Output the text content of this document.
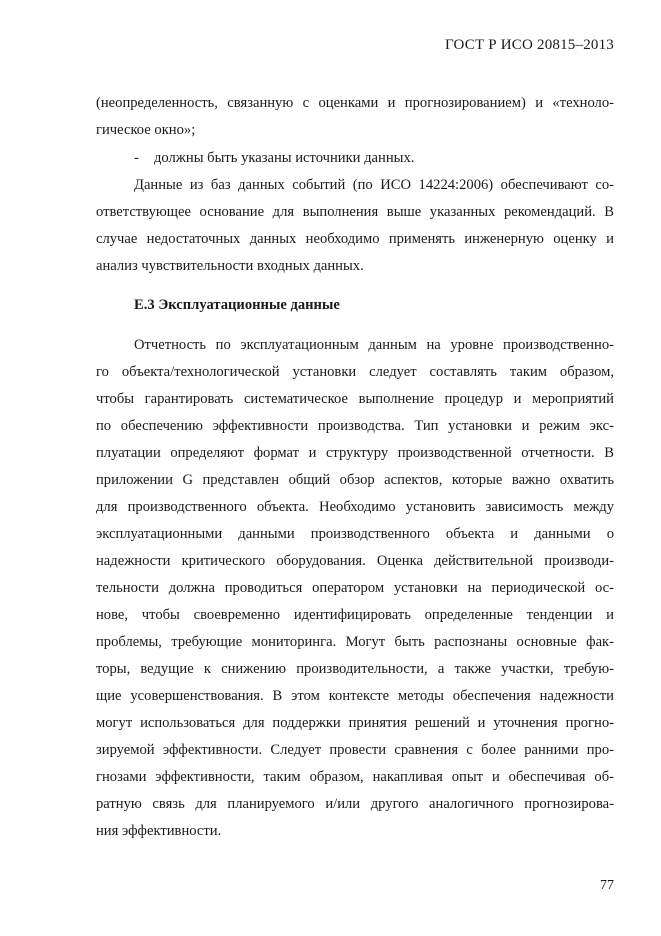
ГОСТ Р ИСО 20815–2013
(неопределенность, связанную с оценками и прогнозированием) и «техноло-
гическое окно»;
- должны быть указаны источники данных.
Данные из баз данных событий (по ИСО 14224:2006) обеспечивают со-
ответствующее основание для выполнения выше указанных рекомендаций. В
случае недостаточных данных необходимо применять инженерную оценку и
анализ чувствительности входных данных.
Е.3 Эксплуатационные данные
Отчетность по эксплуатационным данным на уровне производственно-
го объекта/технологической установки следует составлять таким образом,
чтобы гарантировать систематическое выполнение процедур и мероприятий
по обеспечению эффективности производства. Тип установки и режим экс-
плуатации определяют формат и структуру производственной отчетности. В
приложении G представлен общий обзор аспектов, которые важно охватить
для производственного объекта. Необходимо установить зависимость между
эксплуатационными данными производственного объекта и данными о
надежности критического оборудования. Оценка действительной производи-
тельности должна проводиться оператором установки на периодической ос-
нове, чтобы своевременно идентифицировать определенные тенденции и
проблемы, требующие мониторинга. Могут быть распознаны основные фак-
торы, ведущие к снижению производительности, а также участки, требую-
щие усовершенствования. В этом контексте методы обеспечения надежности
могут использоваться для поддержки принятия решений и уточнения прогно-
зируемой эффективности. Следует провести сравнения с более ранними про-
гнозами эффективности, таким образом, накапливая опыт и обеспечивая об-
ратную связь для планируемого и/или другого аналогичного прогнозирова-
ния эффективности.
77
